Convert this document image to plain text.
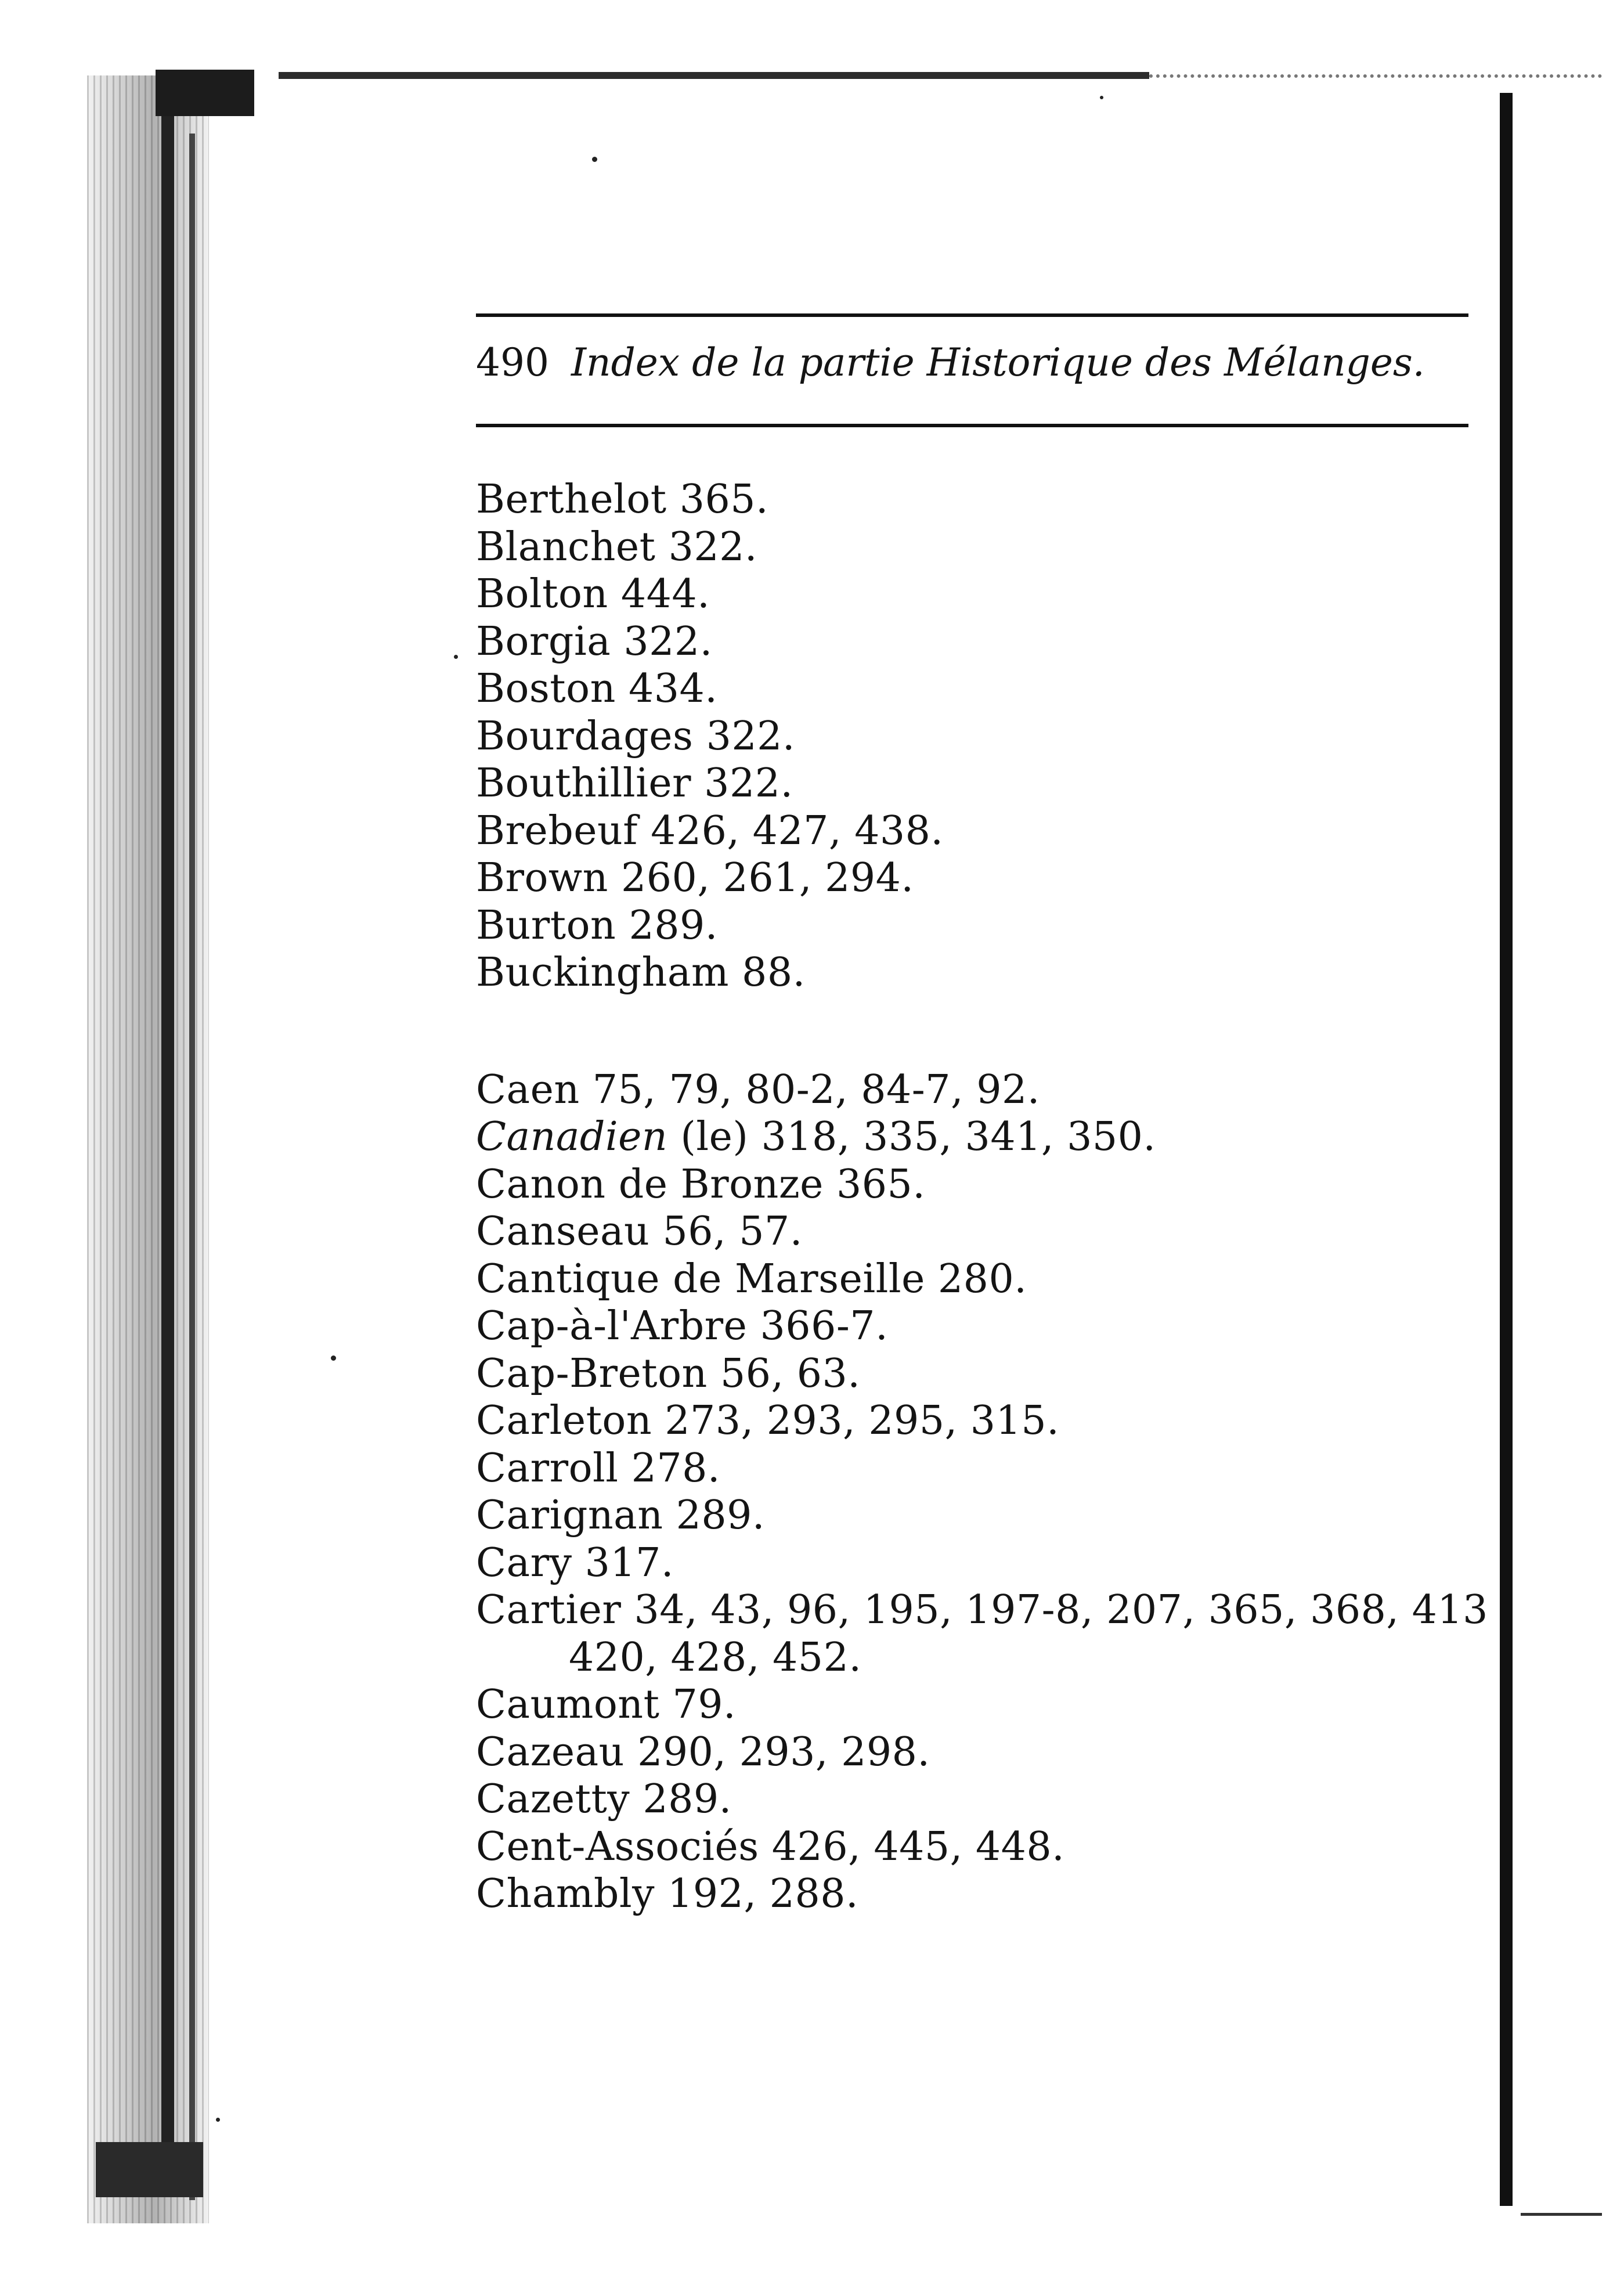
490 Index de la partie Historique des Mélanges.
Berthelot 365.
Blanchet 322.
Bolton 444.
Borgia 322.
Boston 434.
Bourdages 322.
Bouthillier 322.
Brebeuf 426, 427, 438.
Brown 260, 261, 294.
Burton 289.
Buckingham 88.
Caen 75, 79, 80-2, 84-7, 92.
Canadien (le) 318, 335, 341, 350.
Canon de Bronze 365.
Canseau 56, 57.
Cantique de Marseille 280.
Cap-à-l'Arbre 366-7.
Cap-Breton 56, 63.
Carleton 273, 293, 295, 315.
Carroll 278.
Carignan 289.
Cary 317.
Cartier 34, 43, 96, 195, 197-8, 207, 365, 368, 413
420, 428, 452.
Caumont 79.
Cazeau 290, 293, 298.
Cazetty 289.
Cent-Associés 426, 445, 448.
Chambly 192, 288.
